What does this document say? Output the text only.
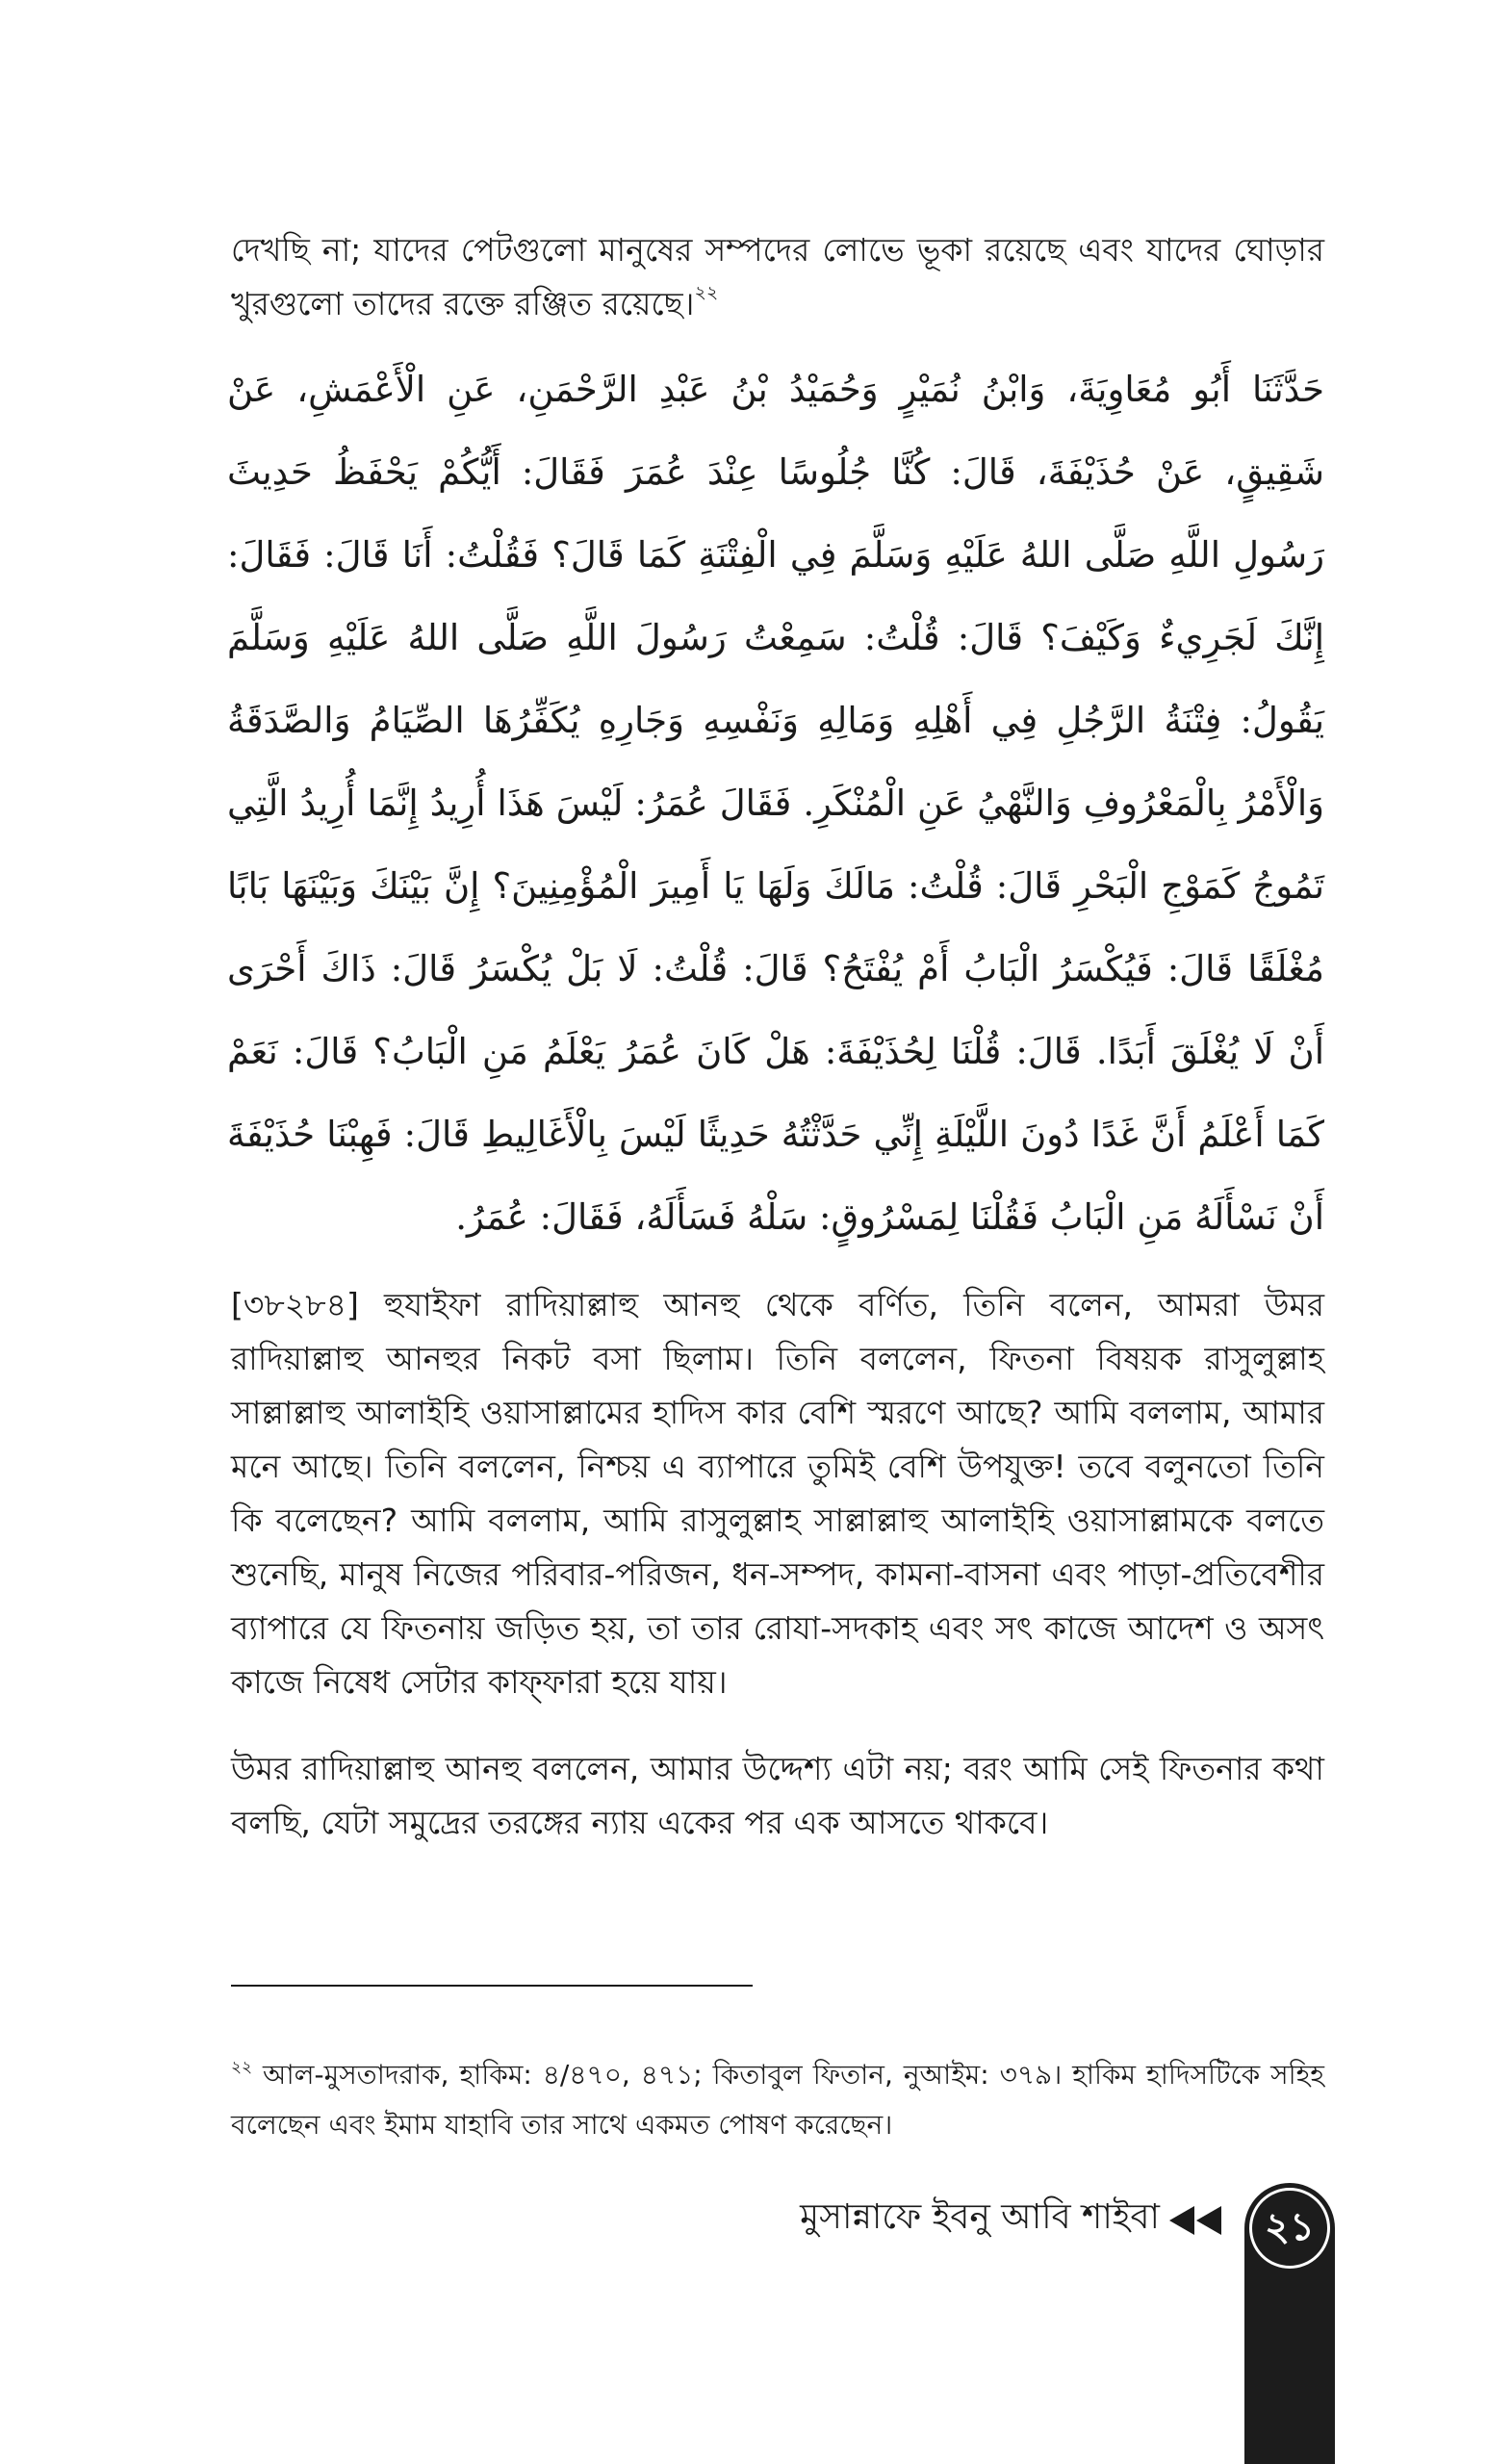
দেখছি না; যাদের পেটগুলো মানুষের সম্পদের লোভে ভূকা রয়েছে এবং যাদের ঘোড়ার খুরগুলো তাদের রক্তে রঞ্জিত রয়েছে।$^{২২}$

حَدَّثَنَا أَبُو مُعَاوِيَةَ، وَابْنُ نُمَيْرٍ وَحُمَيْدُ بْنُ عَبْدِ الرَّحْمَنِ، عَنِ الْأَعْمَشِ، عَنْ شَقِيقٍ، عَنْ حُذَيْفَةَ، قَالَ: كُنَّا جُلُوسًا عِنْدَ عُمَرَ فَقَالَ: أَيُّكُمْ يَحْفَظُ حَدِيثَ رَسُولِ اللَّهِ صَلَّى اللهُ عَلَيْهِ وَسَلَّمَ فِي الْفِتْنَةِ كَمَا قَالَ؟ فَقُلْتُ: أَنَا قَالَ: فَقَالَ: إِنَّكَ لَجَرِيءٌ وَكَيْفَ؟ قَالَ: قُلْتُ: سَمِعْتُ رَسُولَ اللَّهِ صَلَّى اللهُ عَلَيْهِ وَسَلَّمَ يَقُولُ: فِتْنَةُ الرَّجُلِ فِي أَهْلِهِ وَمَالِهِ وَنَفْسِهِ وَجَارِهِ يُكَفِّرُهَا الصِّيَامُ وَالصَّدَقَةُ وَالْأَمْرُ بِالْمَعْرُوفِ وَالنَّهْيُ عَنِ الْمُنْكَرِ. فَقَالَ عُمَرُ: لَيْسَ هَذَا أُرِيدُ إِنَّمَا أُرِيدُ الَّتِي تَمُوجُ كَمَوْجِ الْبَحْرِ قَالَ: قُلْتُ: مَالَكَ وَلَهَا يَا أَمِيرَ الْمُؤْمِنِينَ؟ إِنَّ بَيْنَكَ وَبَيْنَهَا بَابًا مُغْلَقًا قَالَ: فَيُكْسَرُ الْبَابُ أَمْ يُفْتَحُ؟ قَالَ: قُلْتُ: لَا بَلْ يُكْسَرُ قَالَ: ذَاكَ أَحْرَى أَنْ لَا يُغْلَقَ أَبَدًا. قَالَ: قُلْنَا لِحُذَيْفَةَ: هَلْ كَانَ عُمَرُ يَعْلَمُ مَنِ الْبَابُ؟ قَالَ: نَعَمْ كَمَا أَعْلَمُ أَنَّ غَدًا دُونَ اللَّيْلَةِ إِنِّي حَدَّثْتُهُ حَدِيثًا لَيْسَ بِالْأَغَالِيطِ قَالَ: فَهِبْنَا حُذَيْفَةَ أَنْ نَسْأَلَهُ مَنِ الْبَابُ فَقُلْنَا لِمَسْرُوقٍ: سَلْهُ فَسَأَلَهُ، فَقَالَ: عُمَرُ.

[৩৮২৮৪] হুযাইফা রাদিয়াল্লাহু আনহু থেকে বর্ণিত, তিনি বলেন, আমরা উমর রাদিয়াল্লাহু আনহুর নিকট বসা ছিলাম। তিনি বললেন, ফিতনা বিষয়ক রাসুলুল্লাহ সাল্লাল্লাহু আলাইহি ওয়াসাল্লামের হাদিস কার বেশি স্মরণে আছে? আমি বললাম, আমার মনে আছে। তিনি বললেন, নিশ্চয় এ ব্যাপারে তুমিই বেশি উপযুক্ত! তবে বলুনতো তিনি কি বলেছেন? আমি বললাম, আমি রাসুলুল্লাহ সাল্লাল্লাহু আলাইহি ওয়াসাল্লামকে বলতে শুনেছি, মানুষ নিজের পরিবার-পরিজন, ধন-সম্পদ, কামনা-বাসনা এবং পাড়া-প্রতিবেশীর ব্যাপারে যে ফিতনায় জড়িত হয়, তা তার রোযা-সদকাহ এবং সৎ কাজে আদেশ ও অসৎ কাজে নিষেধ সেটার কাফ্ফারা হয়ে যায়।

উমর রাদিয়াল্লাহু আনহু বললেন, আমার উদ্দেশ্য এটা নয়; বরং আমি সেই ফিতনার কথা বলছি, যেটা সমুদ্রের তরঙ্গের ন্যায় একের পর এক আসতে থাকবে।

$^{২২}$ আল-মুসতাদরাক, হাকিম: ৪/৪৭০, ৪৭১; কিতাবুল ফিতান, নুআইম: ৩৭৯। হাকিম হাদিসটিকে সহিহ বলেছেন এবং ইমাম যাহাবি তার সাথে একমত পোষণ করেছেন।

মুসান্নাফে ইবনু আবি শাইবা	২১
